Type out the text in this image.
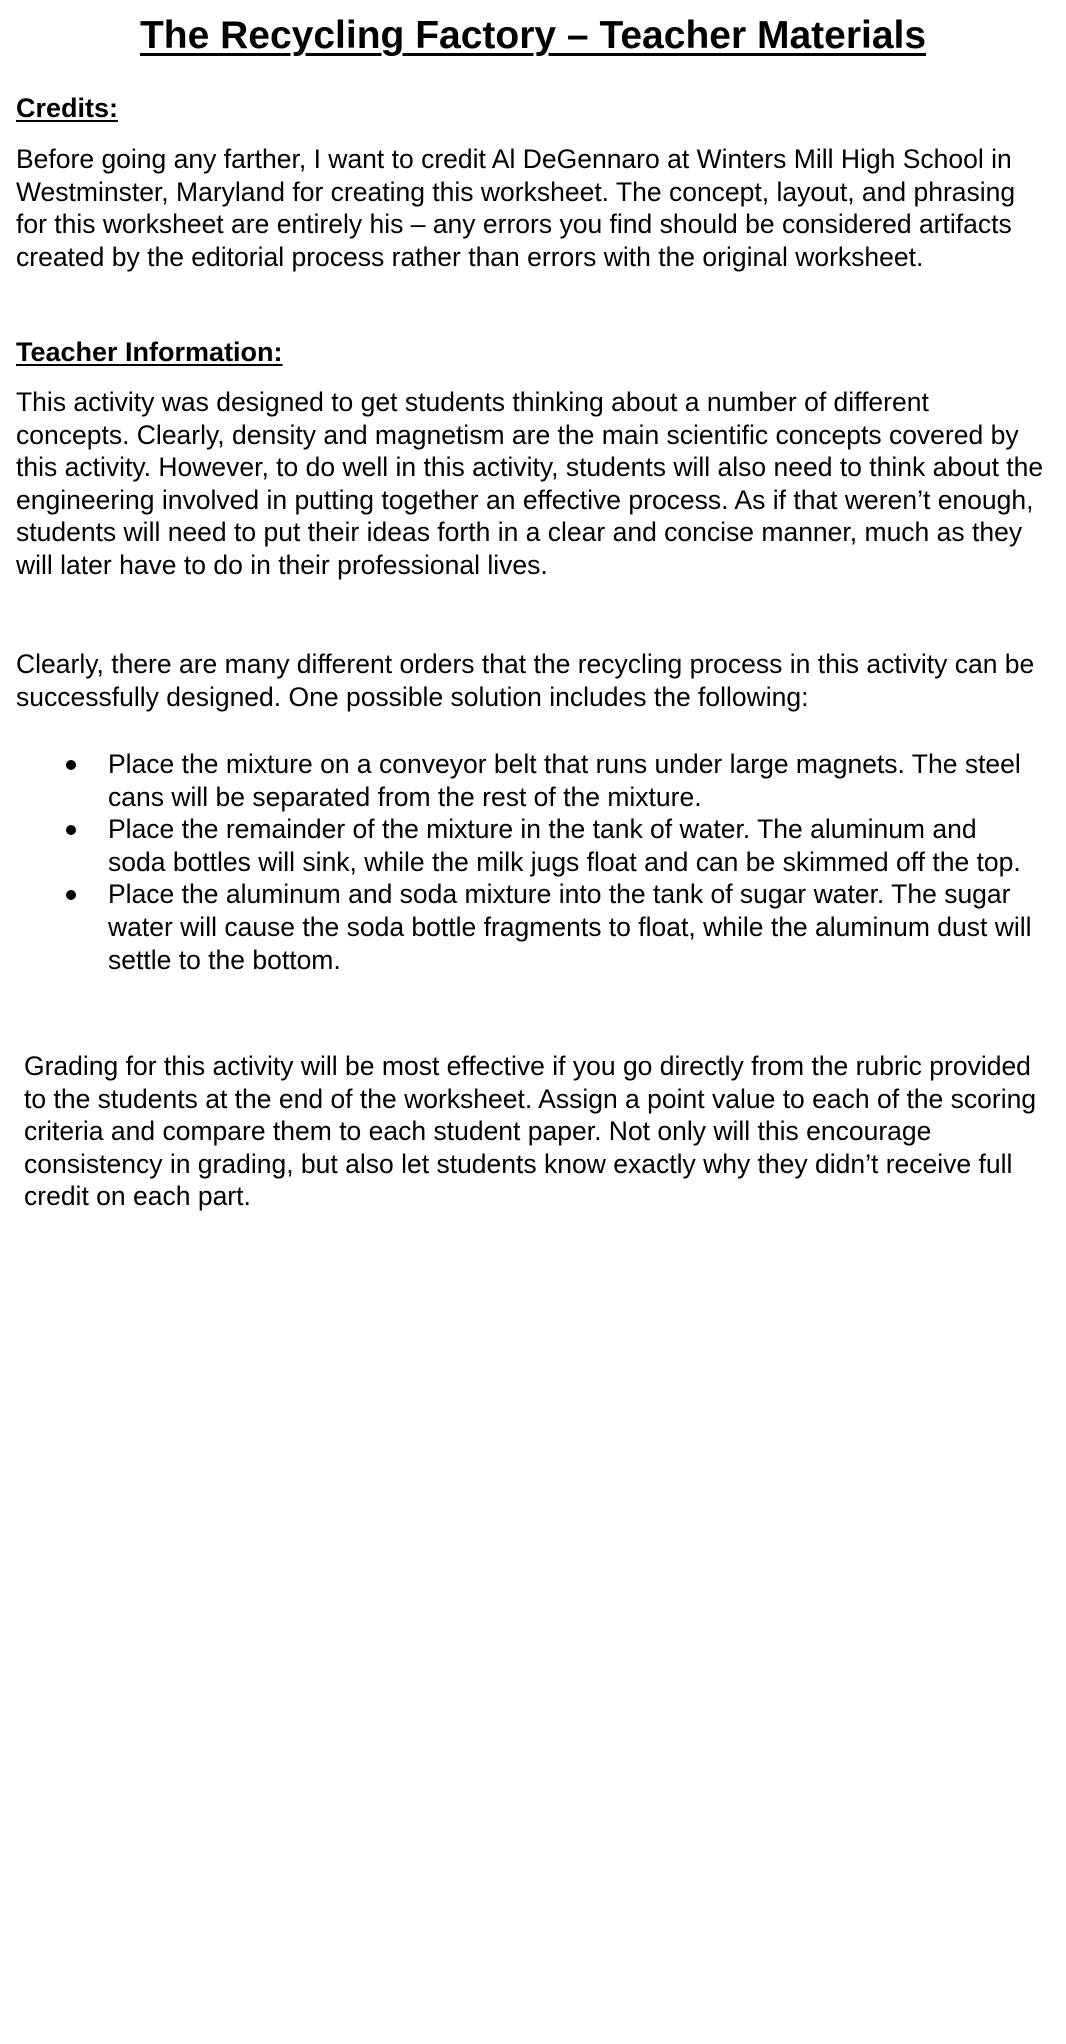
The Recycling Factory – Teacher Materials
Credits:

Before going any farther, I want to credit Al DeGennaro at Winters Mill High School in Westminster, Maryland for creating this worksheet. The concept, layout, and phrasing for this worksheet are entirely his – any errors you find should be considered artifacts created by the editorial process rather than errors with the original worksheet.

Teacher Information:

This activity was designed to get students thinking about a number of different concepts. Clearly, density and magnetism are the main scientific concepts covered by this activity. However, to do well in this activity, students will also need to think about the engineering involved in putting together an effective process. As if that weren’t enough, students will need to put their ideas forth in a clear and concise manner, much as they will later have to do in their professional lives.

Clearly, there are many different orders that the recycling process in this activity can be successfully designed. One possible solution includes the following:

Place the mixture on a conveyor belt that runs under large magnets. The steel cans will be separated from the rest of the mixture.
Place the remainder of the mixture in the tank of water. The aluminum and soda bottles will sink, while the milk jugs float and can be skimmed off the top.
Place the aluminum and soda mixture into the tank of sugar water. The sugar water will cause the soda bottle fragments to float, while the aluminum dust will settle to the bottom.

Grading for this activity will be most effective if you go directly from the rubric provided to the students at the end of the worksheet. Assign a point value to each of the scoring criteria and compare them to each student paper. Not only will this encourage consistency in grading, but also let students know exactly why they didn’t receive full credit on each part.
